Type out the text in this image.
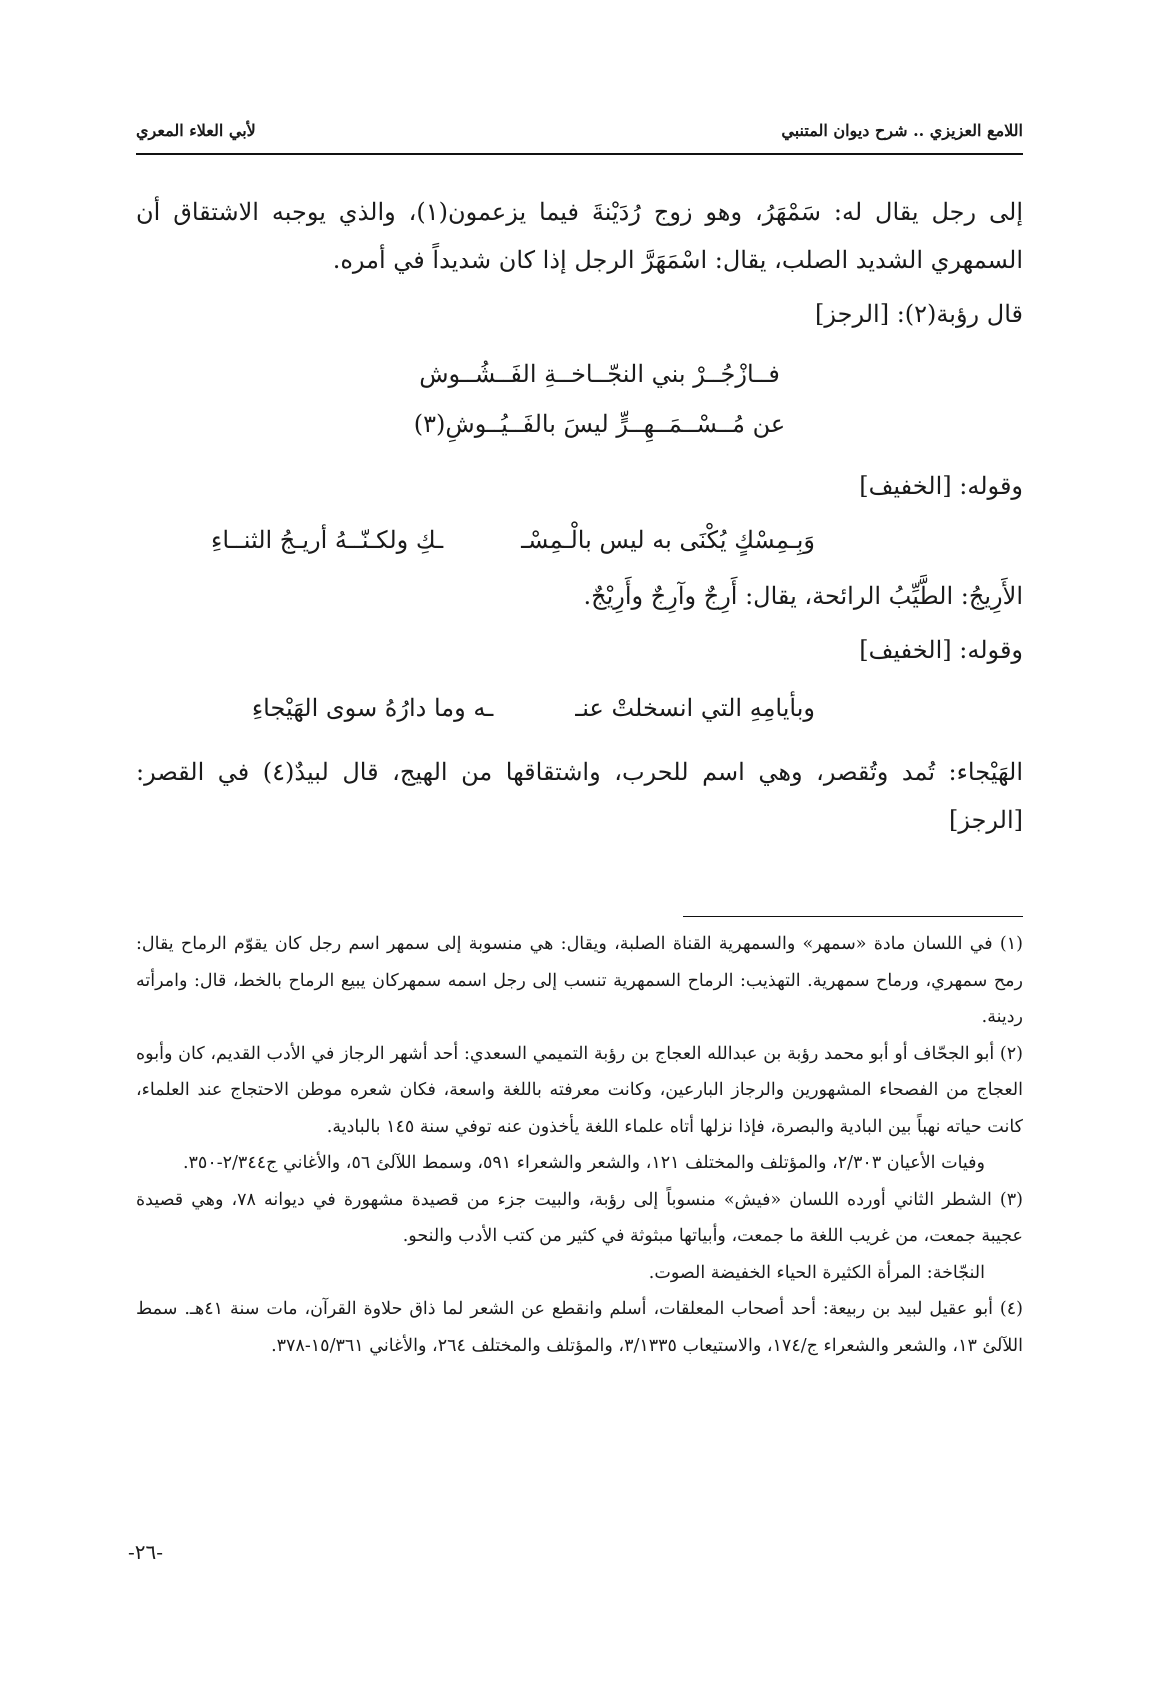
اللامع العزيزي .. شرح ديوان المتنبي
لأبي العلاء المعري

إلى رجل يقال له: سَمْهَرُ، وهو زوج رُدَيْنةَ فيما يزعمون(١)، والذي يوجبه الاشتقاق أن السمهري الشديد الصلب، يقال: اسْمَهَرَّ الرجل إذا كان شديداً في أمره.

قال رؤبة(٢): [الرجز]
فــازْجُــرْ بني النجّــاخــةِ الفَــشُــوش
عن مُــسْــمَــهِــرٍّ ليسَ بالفَــيُــوشِ(٣)
وقوله: [الخفيف]
وَبِـمِسْكٍ يُكْنَى به ليس بالْـمِسْـ
ـكِ ولكـنّــهُ أريـجُ الثنــاءِ
الأَرِيجُ: الطَّيِّبُ الرائحة، يقال: أَرِجٌ وآرِجٌ وأَرِيْجٌ.
وقوله: [الخفيف]
وبأيامِهِ التي انسخلتْ عنـ
ـه وما دارُهُ سوى الهَيْجاءِ

الهَيْجاء: تُمد وتُقصر، وهي اسم للحرب، واشتقاقها من الهيج، قال لبيدٌ(٤) في القصر: [الرجز]

(١) في اللسان مادة «سمهر» والسمهرية القناة الصلبة، ويقال: هي منسوبة إلى سمهر اسم رجل كان يقوّم الرماح يقال: رمح سمهري، ورماح سمهرية. التهذيب: الرماح السمهرية تنسب إلى رجل اسمه سمهركان يبيع الرماح بالخط، قال: وامرأته ردينة.

(٢) أبو الجحّاف أو أبو محمد رؤبة بن عبدالله العجاج بن رؤبة التميمي السعدي: أحد أشهر الرجاز في الأدب القديم، كان وأبوه العجاج من الفصحاء المشهورين والرجاز البارعين، وكانت معرفته باللغة واسعة، فكان شعره موطن الاحتجاج عند العلماء، كانت حياته نهباً بين البادية والبصرة، فإذا نزلها أتاه علماء اللغة يأخذون عنه توفي سنة ١٤٥ بالبادية.

وفيات الأعيان ٢/٣٠٣، والمؤتلف والمختلف ١٢١، والشعر والشعراء ٥٩١، وسمط اللآلئ ٥٦، والأغاني ج٢/٣٤٤-٣٥٠.

(٣) الشطر الثاني أورده اللسان «فيش» منسوباً إلى رؤبة، والبيت جزء من قصيدة مشهورة في ديوانه ٧٨، وهي قصيدة عجيبة جمعت، من غريب اللغة ما جمعت، وأبياتها مبثوثة في كثير من كتب الأدب والنحو.

النجّاخة: المرأة الكثيرة الحياء الخفيضة الصوت.

(٤) أبو عقيل لبيد بن ربيعة: أحد أصحاب المعلقات، أسلم وانقطع عن الشعر لما ذاق حلاوة القرآن، مات سنة ٤١هـ. سمط اللآلئ ١٣، والشعر والشعراء ج/١٧٤، والاستيعاب ٣/١٣٣٥، والمؤتلف والمختلف ٢٦٤، والأغاني ١٥/٣٦١-٣٧٨.

-٢٦-
